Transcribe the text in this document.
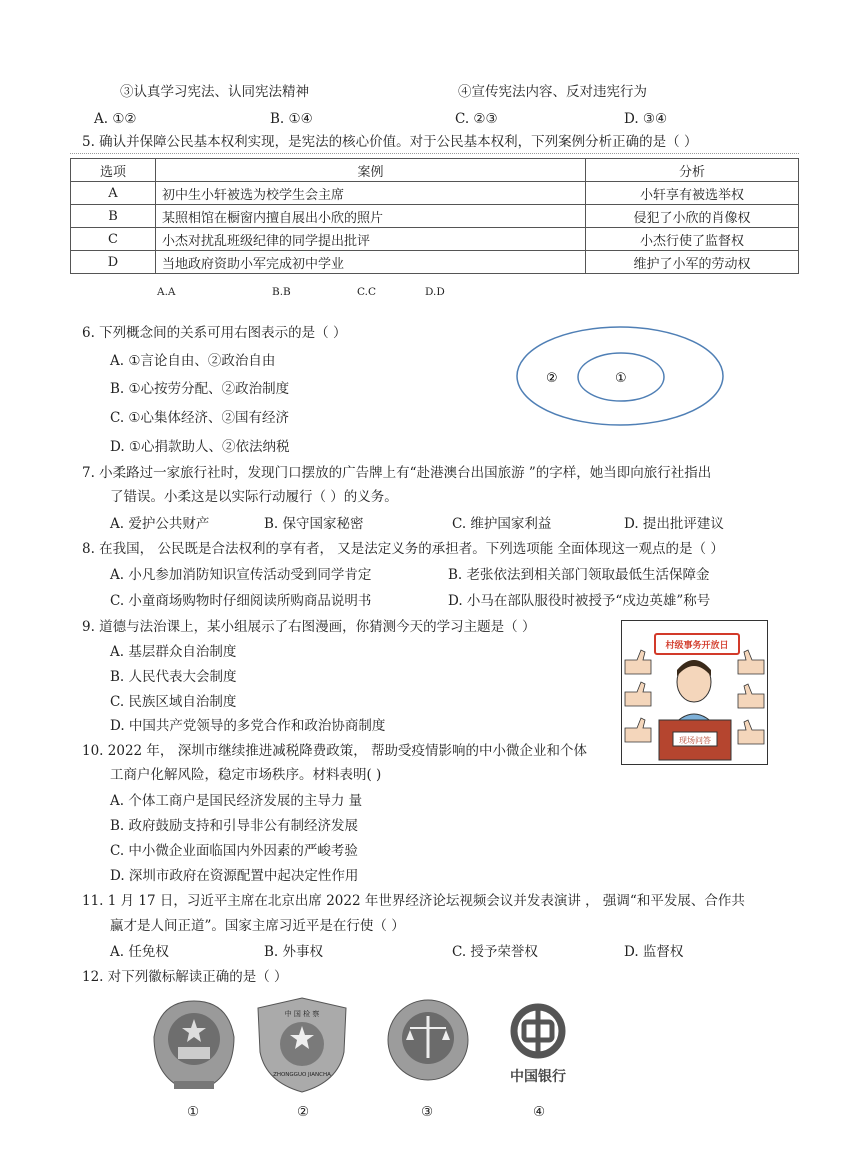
③认真学习宪法、认同宪法精神	④宣传宪法内容、反对违宪行为
A. ①②	B. ①④	C. ②③	D. ③④
5. 确认并保障公民基本权利实现，是宪法的核心价值。对于公民基本权利，下列案例分析正确的是（ ）
选项	案例	分析
A	初中生小轩被选为校学生会主席	小轩享有被选举权
B	某照相馆在橱窗内擅自展出小欣的照片	侵犯了小欣的肖像权
C	小杰对扰乱班级纪律的同学提出批评	小杰行使了监督权
D	当地政府资助小军完成初中学业	维护了小军的劳动权
A.A	B.B	C.C	D.D
6. 下列概念间的关系可用右图表示的是（ ）
A. ①言论自由、②政治自由
B. ①心按劳分配、②政治制度
C. ①心集体经济、②国有经济
D. ①心捐款助人、②依法纳税
②	①
7. 小柔路过一家旅行社时，发现门口摆放的广告牌上有“赴港澳台出国旅游 ”的字样，她当即向旅行社指出
了错误。小柔这是以实际行动履行（ ）的义务。
A. 爱护公共财产	B. 保守国家秘密	C. 维护国家利益	D. 提出批评建议
8. 在我国， 公民既是合法权利的享有者， 又是法定义务的承担者。下列选项能 全面体现这一观点的是（ ）
A. 小凡参加消防知识宣传活动受到同学肯定	B. 老张依法到相关部门领取最低生活保障金
C. 小童商场购物时仔细阅读所购商品说明书	D. 小马在部队服役时被授予“戍边英雄”称号
9. 道德与法治课上，某小组展示了右图漫画，你猜测今天的学习主题是（ ）
A. 基层群众自治制度
B. 人民代表大会制度
C. 民族区域自治制度
D. 中国共产党领导的多党合作和政治协商制度
村级事务开放日
现场问答
10. 2022 年， 深圳市继续推进减税降费政策， 帮助受疫情影响的中小微企业和个体
工商户化解风险，稳定市场秩序。材料表明( )
A. 个体工商户是国民经济发展的主导力 量
B. 政府鼓励支持和引导非公有制经济发展
C. 中小微企业面临国内外因素的严峻考验
D. 深圳市政府在资源配置中起决定性作用
11. 1 月 17 日，习近平主席在北京出席 2022 年世界经济论坛视频会议并发表演讲 ， 强调“和平发展、合作共
赢才是人间正道”。国家主席习近平是在行使（ ）
A. 任免权	B. 外事权	C. 授予荣誉权	D. 监督权
12. 对下列徽标解读正确的是（ ）
中 国 检 察
ZHONGGUO JIANCHA	中国银行
①	②	③	④
